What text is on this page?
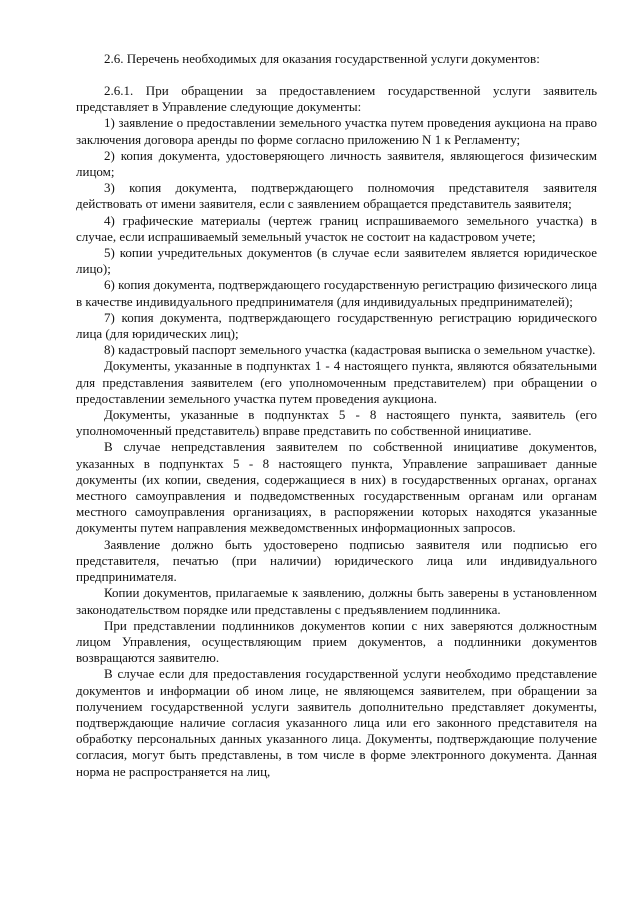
2.6. Перечень необходимых для оказания государственной услуги документов:

2.6.1. При обращении за предоставлением государственной услуги заявитель представляет в Управление следующие документы:

1) заявление о предоставлении земельного участка путем проведения аукциона на право заключения договора аренды по форме согласно приложению N 1 к Регламенту;

2) копия документа, удостоверяющего личность заявителя, являющегося физическим лицом;

3) копия документа, подтверждающего полномочия представителя заявителя действовать от имени заявителя, если с заявлением обращается представитель заявителя;

4) графические материалы (чертеж границ испрашиваемого земельного участка) в случае, если испрашиваемый земельный участок не состоит на кадастровом учете;

5) копии учредительных документов (в случае если заявителем является юридическое лицо);

6) копия документа, подтверждающего государственную регистрацию физического лица в качестве индивидуального предпринимателя (для индивидуальных предпринимателей);

7) копия документа, подтверждающего государственную регистрацию юридического лица (для юридических лиц);

8) кадастровый паспорт земельного участка (кадастровая выписка о земельном участке).

Документы, указанные в подпунктах 1 - 4 настоящего пункта, являются обязательными для представления заявителем (его уполномоченным представителем) при обращении о предоставлении земельного участка путем проведения аукциона.

Документы, указанные в подпунктах 5 - 8 настоящего пункта, заявитель (его уполномоченный представитель) вправе представить по собственной инициативе.

В случае непредставления заявителем по собственной инициативе документов, указанных в подпунктах 5 - 8 настоящего пункта, Управление запрашивает данные документы (их копии, сведения, содержащиеся в них) в государственных органах, органах местного самоуправления и подведомственных государственным органам или органам местного самоуправления организациях, в распоряжении которых находятся указанные документы путем направления межведомственных информационных запросов.

Заявление должно быть удостоверено подписью заявителя или подписью его представителя, печатью (при наличии) юридического лица или индивидуального предпринимателя.

Копии документов, прилагаемые к заявлению, должны быть заверены в установленном законодательством порядке или представлены с предъявлением подлинника.

При представлении подлинников документов копии с них заверяются должностным лицом Управления, осуществляющим прием документов, а подлинники документов возвращаются заявителю.

В случае если для предоставления государственной услуги необходимо представление документов и информации об ином лице, не являющемся заявителем, при обращении за получением государственной услуги заявитель дополнительно представляет документы, подтверждающие наличие согласия указанного лица или его законного представителя на обработку персональных данных указанного лица. Документы, подтверждающие получение согласия, могут быть представлены, в том числе в форме электронного документа. Данная норма не распространяется на лиц,
